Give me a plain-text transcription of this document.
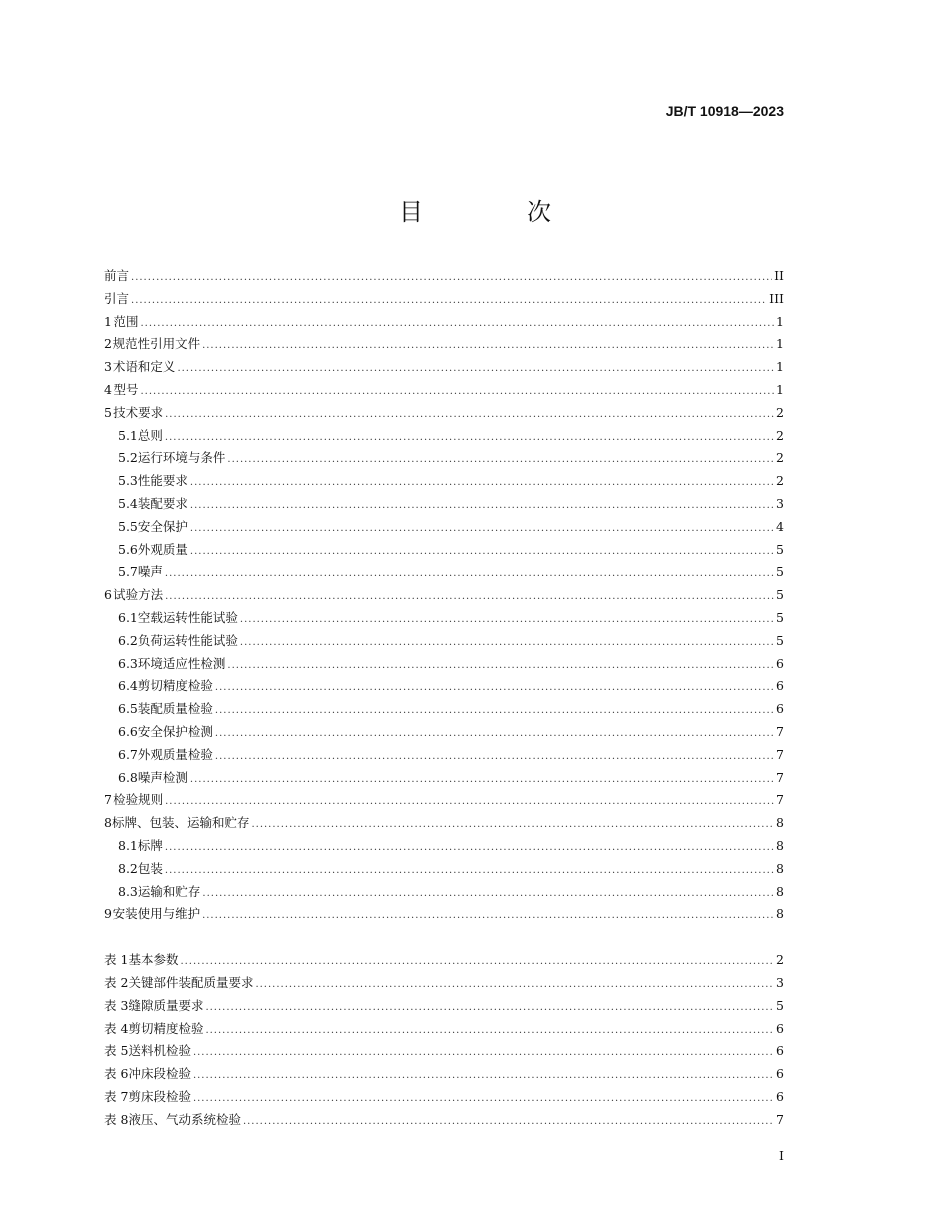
JB/T 10918—2023
目　次
前言 .....	II
引言 .....	III
1 范围 .....	1
2 规范性引用文件 .....	1
3 术语和定义 .....	1
4 型号 .....	1
5 技术要求 .....	2
5.1 总则 .....	2
5.2 运行环境与条件 .....	2
5.3 性能要求 .....	2
5.4 装配要求 .....	3
5.5 安全保护 .....	4
5.6 外观质量 .....	5
5.7 噪声 .....	5
6 试验方法 .....	5
6.1 空载运转性能试验 .....	5
6.2 负荷运转性能试验 .....	5
6.3 环境适应性检测 .....	6
6.4 剪切精度检验 .....	6
6.5 装配质量检验 .....	6
6.6 安全保护检测 .....	7
6.7 外观质量检验 .....	7
6.8 噪声检测 .....	7
7 检验规则 .....	7
8 标牌、包装、运输和贮存 .....	8
8.1 标牌 .....	8
8.2 包装 .....	8
8.3 运输和贮存 .....	8
9 安装使用与维护 .....	8
表 1 基本参数 .....	2
表 2 关键部件装配质量要求 .....	3
表 3 缝隙质量要求 .....	5
表 4 剪切精度检验 .....	6
表 5 送料机检验 .....	6
表 6 冲床段检验 .....	6
表 7 剪床段检验 .....	6
表 8 液压、气动系统检验 .....	7
I
